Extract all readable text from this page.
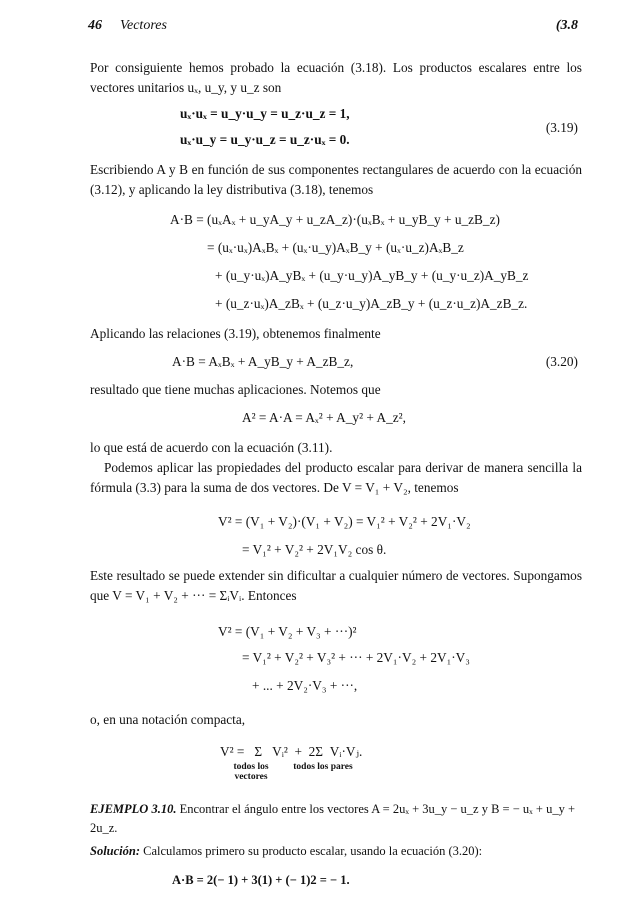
46 Vectores	(3.8

Por consiguiente hemos probado la ecuación (3.18). Los productos escalares entre los vectores unitarios uₓ, u_y, y u_z son

uₓ·uₓ = u_y·u_y = u_z·u_z = 1,
uₓ·u_y = u_y·u_z = u_z·uₓ = 0.
(3.19)

Escribiendo A y B en función de sus componentes rectangulares de acuerdo con la ecuación (3.12), y aplicando la ley distributiva (3.18), tenemos

A·B = (uₓAₓ + u_yA_y + u_zA_z)·(uₓBₓ + u_yB_y + u_zB_z)
= (uₓ·uₓ)AₓBₓ + (uₓ·u_y)AₓB_y + (uₓ·u_z)AₓB_z
+ (u_y·uₓ)A_yBₓ + (u_y·u_y)A_yB_y + (u_y·u_z)A_yB_z
+ (u_z·uₓ)A_zBₓ + (u_z·u_y)A_zB_y + (u_z·u_z)A_zB_z.

Aplicando las relaciones (3.19), obtenemos finalmente

A·B = AₓBₓ + A_yB_y + A_zB_z,	(3.20)

resultado que tiene muchas aplicaciones. Notemos que

A² = A·A = Aₓ² + A_y² + A_z²,

lo que está de acuerdo con la ecuación (3.11).

Podemos aplicar las propiedades del producto escalar para derivar de manera sencilla la fórmula (3.3) para la suma de dos vectores. De V = V₁ + V₂, tenemos

V² = (V₁ + V₂)·(V₁ + V₂) = V₁² + V₂² + 2V₁·V₂
= V₁² + V₂² + 2V₁V₂ cos θ.

Este resultado se puede extender sin dificultar a cualquier número de vectores. Supongamos que V = V₁ + V₂ + ··· = ΣᵢVᵢ. Entonces

V² = (V₁ + V₂ + V₃ + ···)²
= V₁² + V₂² + V₃² + ··· + 2V₁·V₂ + 2V₁·V₃
+ ... + 2V₂·V₃ + ···,

o, en una notación compacta,

V² =   Σ   Vᵢ²  +  2Σ  Vᵢ·Vⱼ.
todos los vectores
todos los pares

EJEMPLO 3.10. Encontrar el ángulo entre los vectores A = 2uₓ + 3u_y − u_z y B = − uₓ + u_y + 2u_z.

Solución: Calculamos primero su producto escalar, usando la ecuación (3.20):

A·B = 2(− 1) + 3(1) + (− 1)2 = − 1.
